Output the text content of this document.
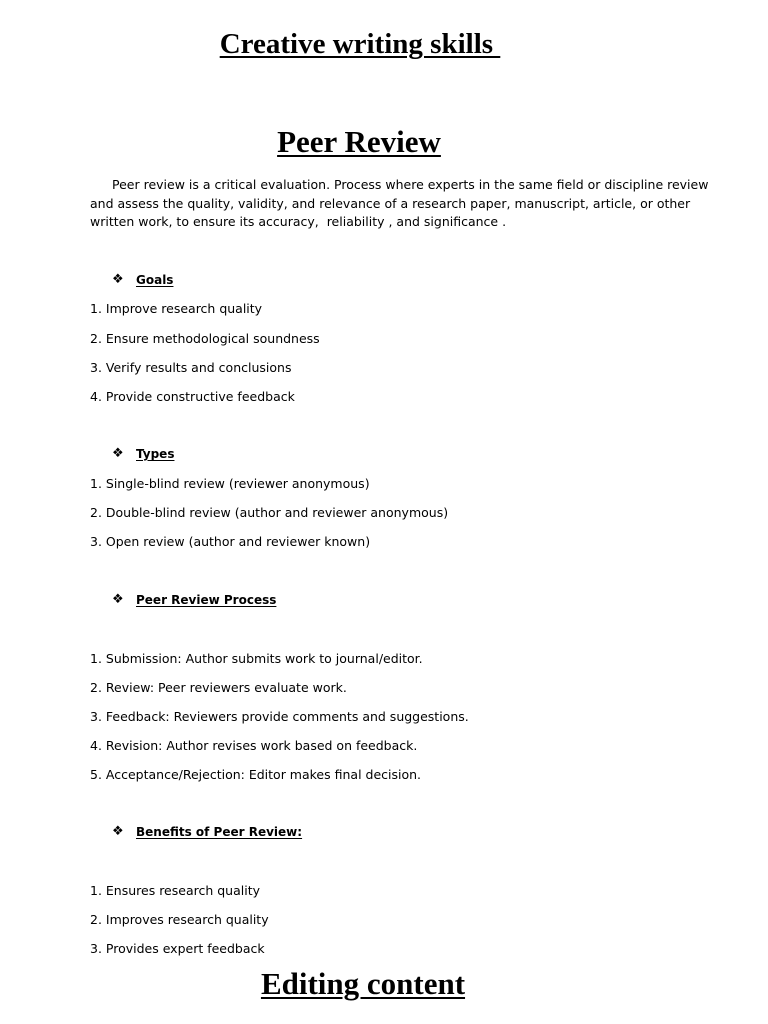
Creative writing skills
Peer Review

Peer review is a critical evaluation. Process where experts in the same field or discipline review and assess the quality, validity, and relevance of a research paper, manuscript, article, or other written work, to ensure its accuracy,  reliability , and significance .

❖	Goals
1. Improve research quality
2. Ensure methodological soundness
3. Verify results and conclusions
4. Provide constructive feedback
❖	Types
1. Single-blind review (reviewer anonymous)
2. Double-blind review (author and reviewer anonymous)
3. Open review (author and reviewer known)
❖	Peer Review Process
1. Submission: Author submits work to journal/editor.
2. Review: Peer reviewers evaluate work.
3. Feedback: Reviewers provide comments and suggestions.
4. Revision: Author revises work based on feedback.
5. Acceptance/Rejection: Editor makes final decision.
❖	Benefits of Peer Review:
1. Ensures research quality
2. Improves research quality
3. Provides expert feedback
Editing content
